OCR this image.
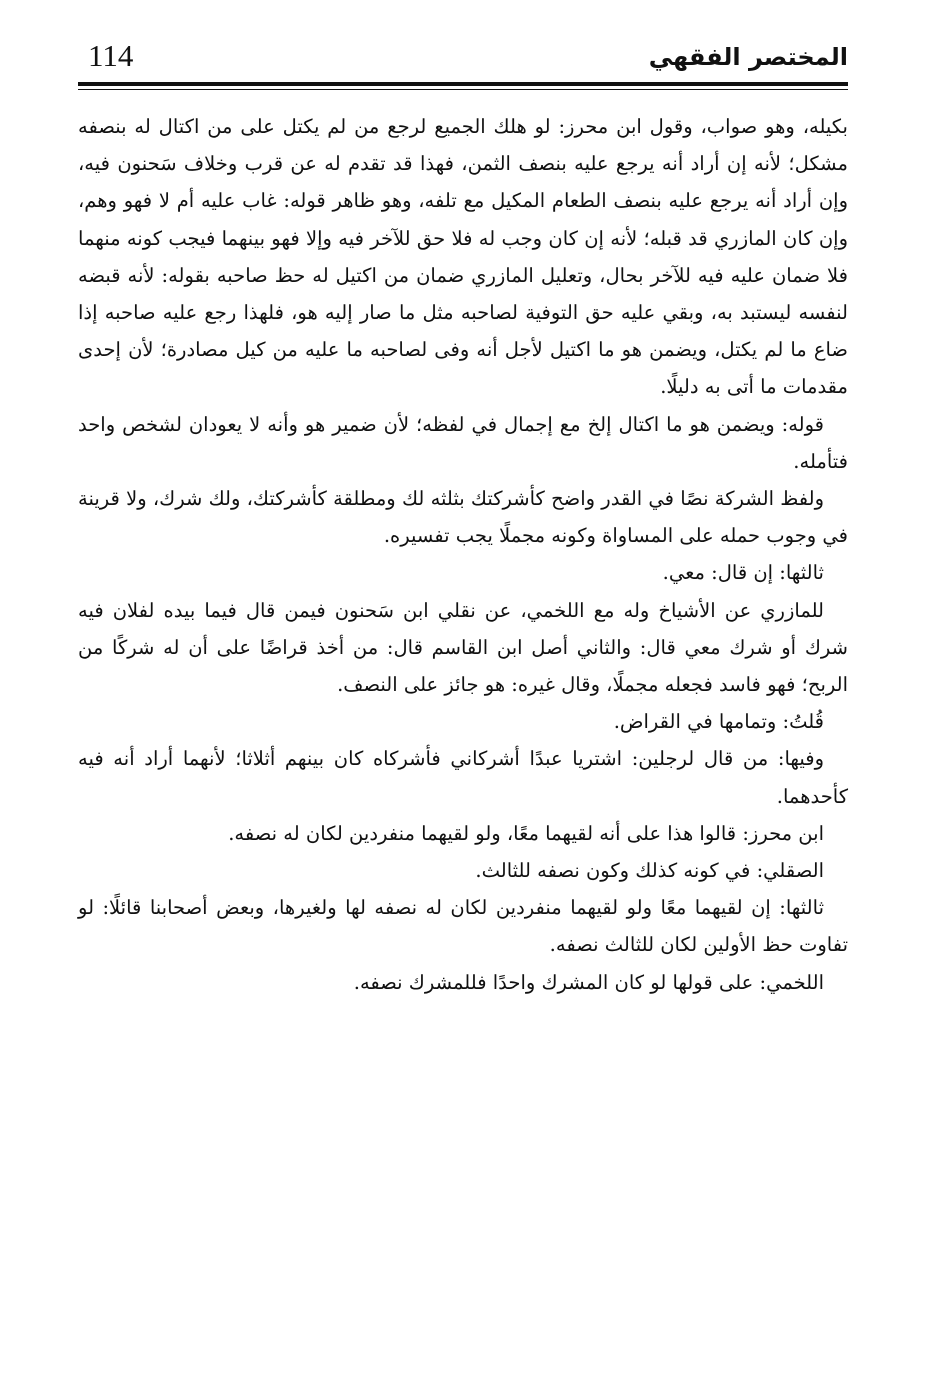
114	المختصر الفقهي

بكيله، وهو صواب، وقول ابن محرز: لو هلك الجميع لرجع من لم يكتل على من اكتال له بنصفه مشكل؛ لأنه إن أراد أنه يرجع عليه بنصف الثمن، فهذا قد تقدم له عن قرب وخلاف سَحنون فيه، وإن أراد أنه يرجع عليه بنصف الطعام المكيل مع تلفه، وهو ظاهر قوله: غاب عليه أم لا فهو وهم، وإن كان المازري قد قبله؛ لأنه إن كان وجب له فلا حق للآخر فيه وإلا فهو بينهما فيجب كونه منهما فلا ضمان عليه فيه للآخر بحال، وتعليل المازري ضمان من اكتيل له حظ صاحبه بقوله: لأنه قبضه لنفسه ليستبد به، وبقي عليه حق التوفية لصاحبه مثل ما صار إليه هو، فلهذا رجع عليه صاحبه إذا ضاع ما لم يكتل، ويضمن هو ما اكتيل لأجل أنه وفى لصاحبه ما عليه من كيل مصادرة؛ لأن إحدى مقدمات ما أتى به دليلًا.

قوله: ويضمن هو ما اكتال إلخ مع إجمال في لفظه؛ لأن ضمير هو وأنه لا يعودان لشخص واحد فتأمله.

ولفظ الشركة نصًا في القدر واضح كأشركتك بثلثه لك ومطلقة كأشركتك، ولك شرك، ولا قرينة في وجوب حمله على المساواة وكونه مجملًا يجب تفسيره.

ثالثها: إن قال: معي.

للمازري عن الأشياخ وله مع اللخمي، عن نقلي ابن سَحنون فيمن قال فيما بيده لفلان فيه شرك أو شرك معي قال: والثاني أصل ابن القاسم قال: من أخذ قراضًا على أن له شركًا من الربح؛ فهو فاسد فجعله مجملًا، وقال غيره: هو جائز على النصف.

قُلتُ: وتمامها في القراض.

وفيها: من قال لرجلين: اشتريا عبدًا أشركاني فأشركاه كان بينهم أثلاثا؛ لأنهما أراد أنه فيه كأحدهما.

ابن محرز: قالوا هذا على أنه لقيهما معًا، ولو لقيهما منفردين لكان له نصفه.

الصقلي: في كونه كذلك وكون نصفه للثالث.

ثالثها: إن لقيهما معًا ولو لقيهما منفردين لكان له نصفه لها ولغيرها، وبعض أصحابنا قائلًا: لو تفاوت حظ الأولين لكان للثالث نصفه.

اللخمي: على قولها لو كان المشرك واحدًا فللمشرك نصفه.
